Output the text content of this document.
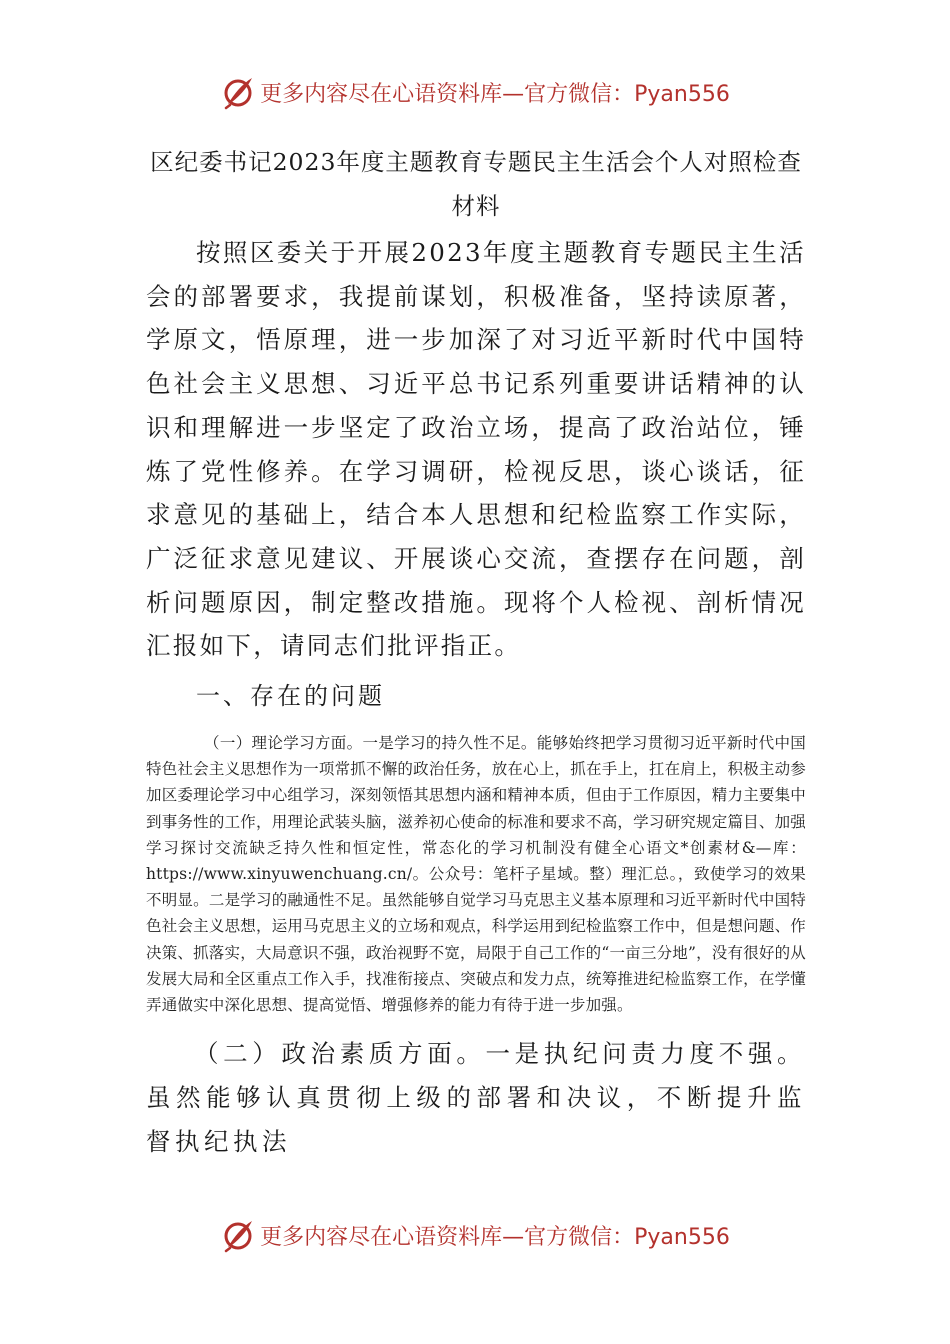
更多内容尽在心语资料库—官方微信：Pyan556
区纪委书记2023年度主题教育专题民主生活会个人对照检查材料

按照区委关于开展2023年度主题教育专题民主生活会的部署要求，我提前谋划，积极准备，坚持读原著，学原文，悟原理，进一步加深了对习近平新时代中国特色社会主义思想、习近平总书记系列重要讲话精神的认识和理解进一步坚定了政治立场，提高了政治站位，锤炼了党性修养。在学习调研，检视反思，谈心谈话，征求意见的基础上，结合本人思想和纪检监察工作实际，广泛征求意见建议、开展谈心交流，查摆存在问题，剖析问题原因，制定整改措施。现将个人检视、剖析情况汇报如下，请同志们批评指正。

一、存在的问题

（一）理论学习方面。一是学习的持久性不足。能够始终把学习贯彻习近平新时代中国特色社会主义思想作为一项常抓不懈的政治任务，放在心上，抓在手上，扛在肩上，积极主动参加区委理论学习中心组学习，深刻领悟其思想内涵和精神本质，但由于工作原因，精力主要集中到事务性的工作，用理论武装头脑，滋养初心使命的标准和要求不高，学习研究规定篇目、加强学习探讨交流缺乏持久性和恒定性，常态化的学习机制没有健全心语文*创素材&—库：https://www.xinyuwenchuang.cn/。公众号：笔杆子星域。整）理汇总。，致使学习的效果不明显。二是学习的融通性不足。虽然能够自觉学习马克思主义基本原理和习近平新时代中国特色社会主义思想，运用马克思主义的立场和观点，科学运用到纪检监察工作中，但是想问题、作决策、抓落实，大局意识不强，政治视野不宽，局限于自己工作的“一亩三分地”，没有很好的从发展大局和全区重点工作入手，找准衔接点、突破点和发力点，统筹推进纪检监察工作，在学懂弄通做实中深化思想、提高觉悟、增强修养的能力有待于进一步加强。

（二）政治素质方面。一是执纪问责力度不强。虽然能够认真贯彻上级的部署和决议，不断提升监督执纪执法

更多内容尽在心语资料库—官方微信：Pyan556
